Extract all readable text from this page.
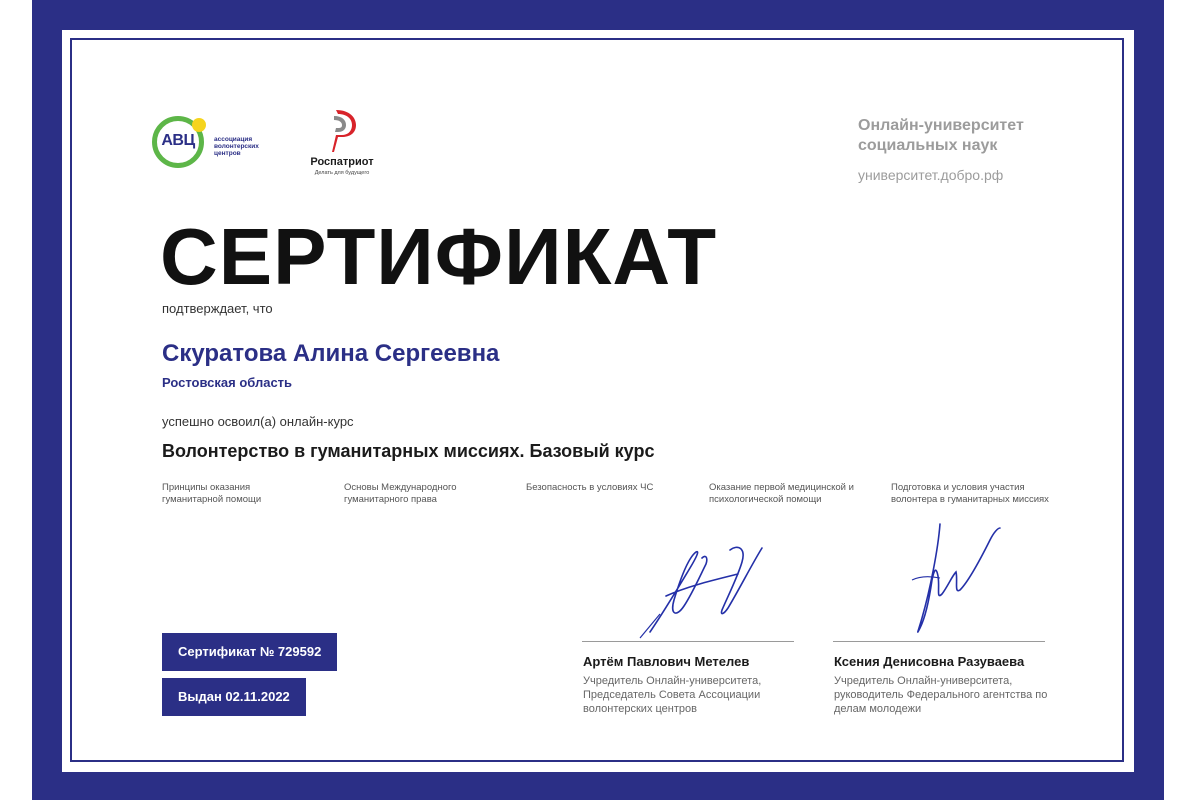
АВЦ	ассоциация волонтерских центров
Роспатриот
Делать для будущего
Онлайн-университет социальных наук
университет.добро.рф
СЕРТИФИКАТ
подтверждает, что
Скуратова Алина Сергеевна
Ростовская область
успешно освоил(а) онлайн-курс
Волонтерство в гуманитарных миссиях. Базовый курс
Принципы оказания гуманитарной помощи
Основы Международного гуманитарного права
Безопасность в условиях ЧС	Оказание первой медицинской и психологической помощи
Подготовка и условия участия волонтера в гуманитарных миссиях
Сертификат № 729592
Выдан 02.11.2022
Артём Павлович Метелев
Учредитель Онлайн-университета, Председатель Совета Ассоциации волонтерских центров
Ксения Денисовна Разуваева
Учредитель Онлайн-университета, руководитель Федерального агентства по делам молодежи
